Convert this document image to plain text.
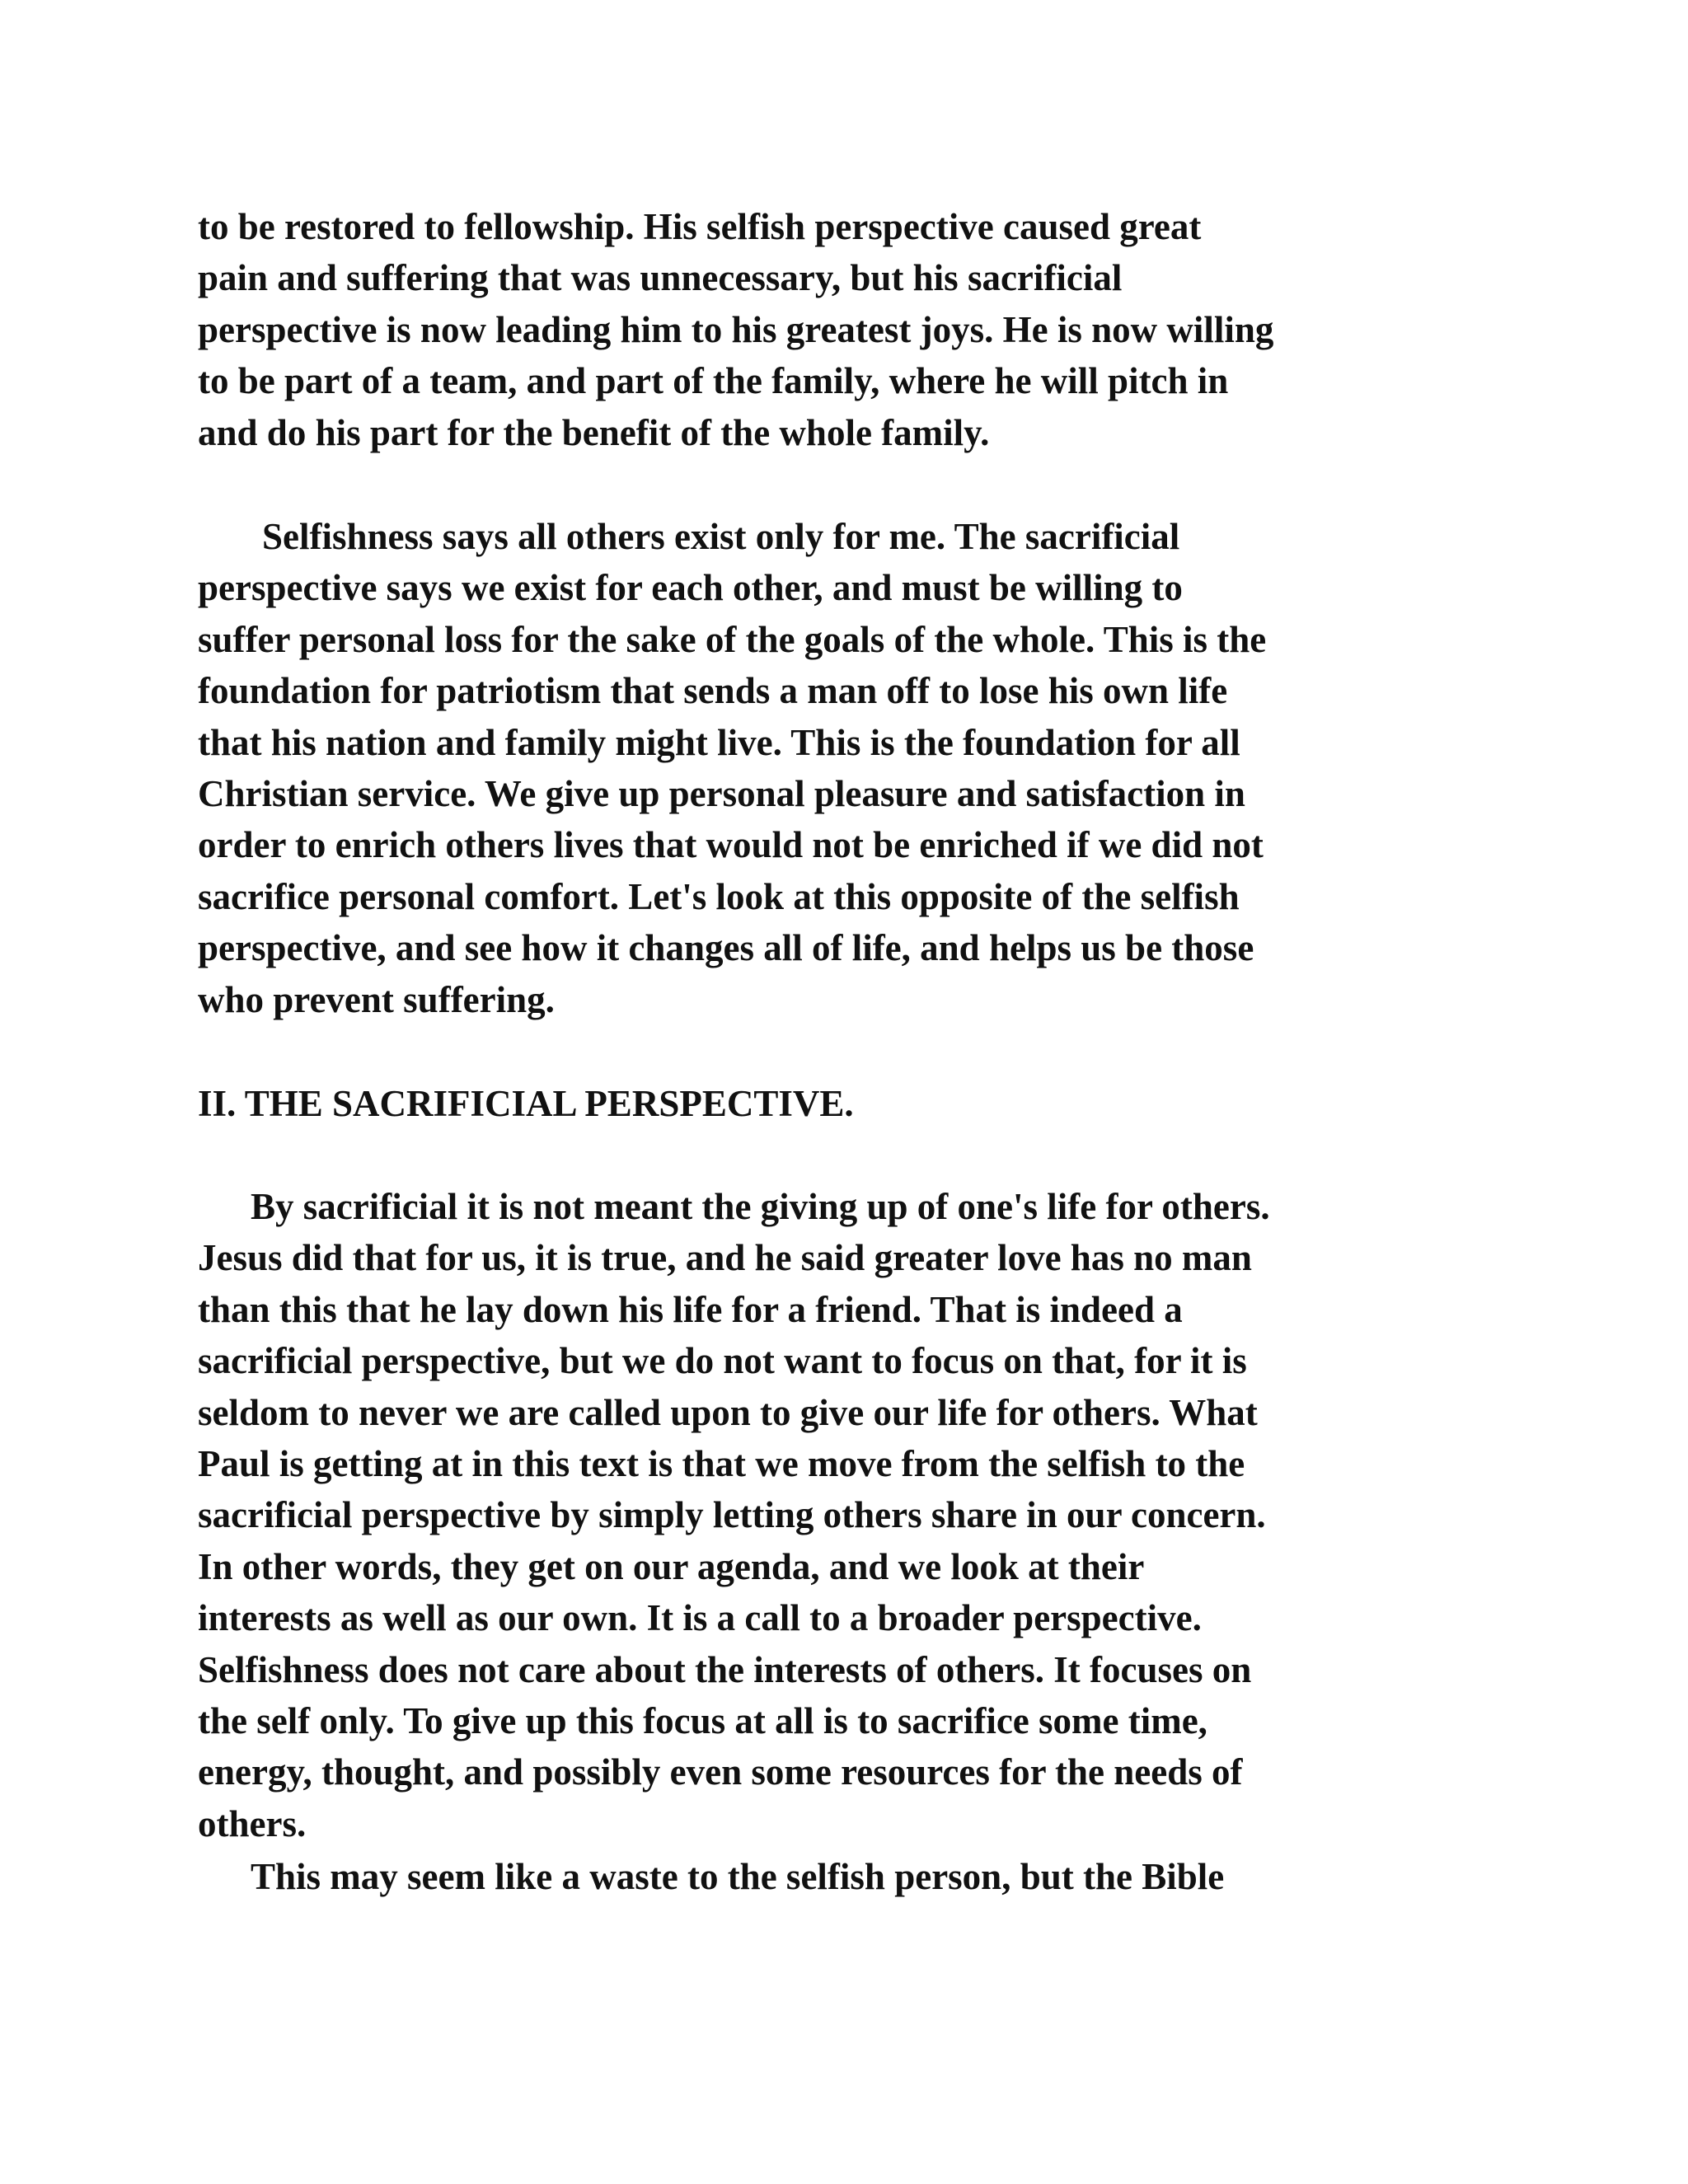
to be restored to fellowship. His selfish perspective caused great
pain and suffering that was unnecessary, but his sacrificial
perspective is now leading him to his greatest joys. He is now willing
to be part of a team, and part of the family, where he will pitch in
and do his part for the benefit of the whole family.
Selfishness says all others exist only for me. The sacrificial
perspective says we exist for each other, and must be willing to
suffer personal loss for the sake of the goals of the whole. This is the
foundation for patriotism that sends a man off to lose his own life
that his nation and family might live. This is the foundation for all
Christian service. We give up personal pleasure and satisfaction in
order to enrich others lives that would not be enriched if we did not
sacrifice personal comfort. Let's look at this opposite of the selfish
perspective, and see how it changes all of life, and helps us be those
who prevent suffering.
II. THE SACRIFICIAL PERSPECTIVE.
By sacrificial it is not meant the giving up of one's life for others.
Jesus did that for us, it is true, and he said greater love has no man
than this that he lay down his life for a friend. That is indeed a
sacrificial perspective, but we do not want to focus on that, for it is
seldom to never we are called upon to give our life for others. What
Paul is getting at in this text is that we move from the selfish to the
sacrificial perspective by simply letting others share in our concern.
In other words, they get on our agenda, and we look at their
interests as well as our own. It is a call to a broader perspective.
Selfishness does not care about the interests of others. It focuses on
the self only. To give up this focus at all is to sacrifice some time,
energy, thought, and possibly even some resources for the needs of
others.
This may seem like a waste to the selfish person, but the Bible
